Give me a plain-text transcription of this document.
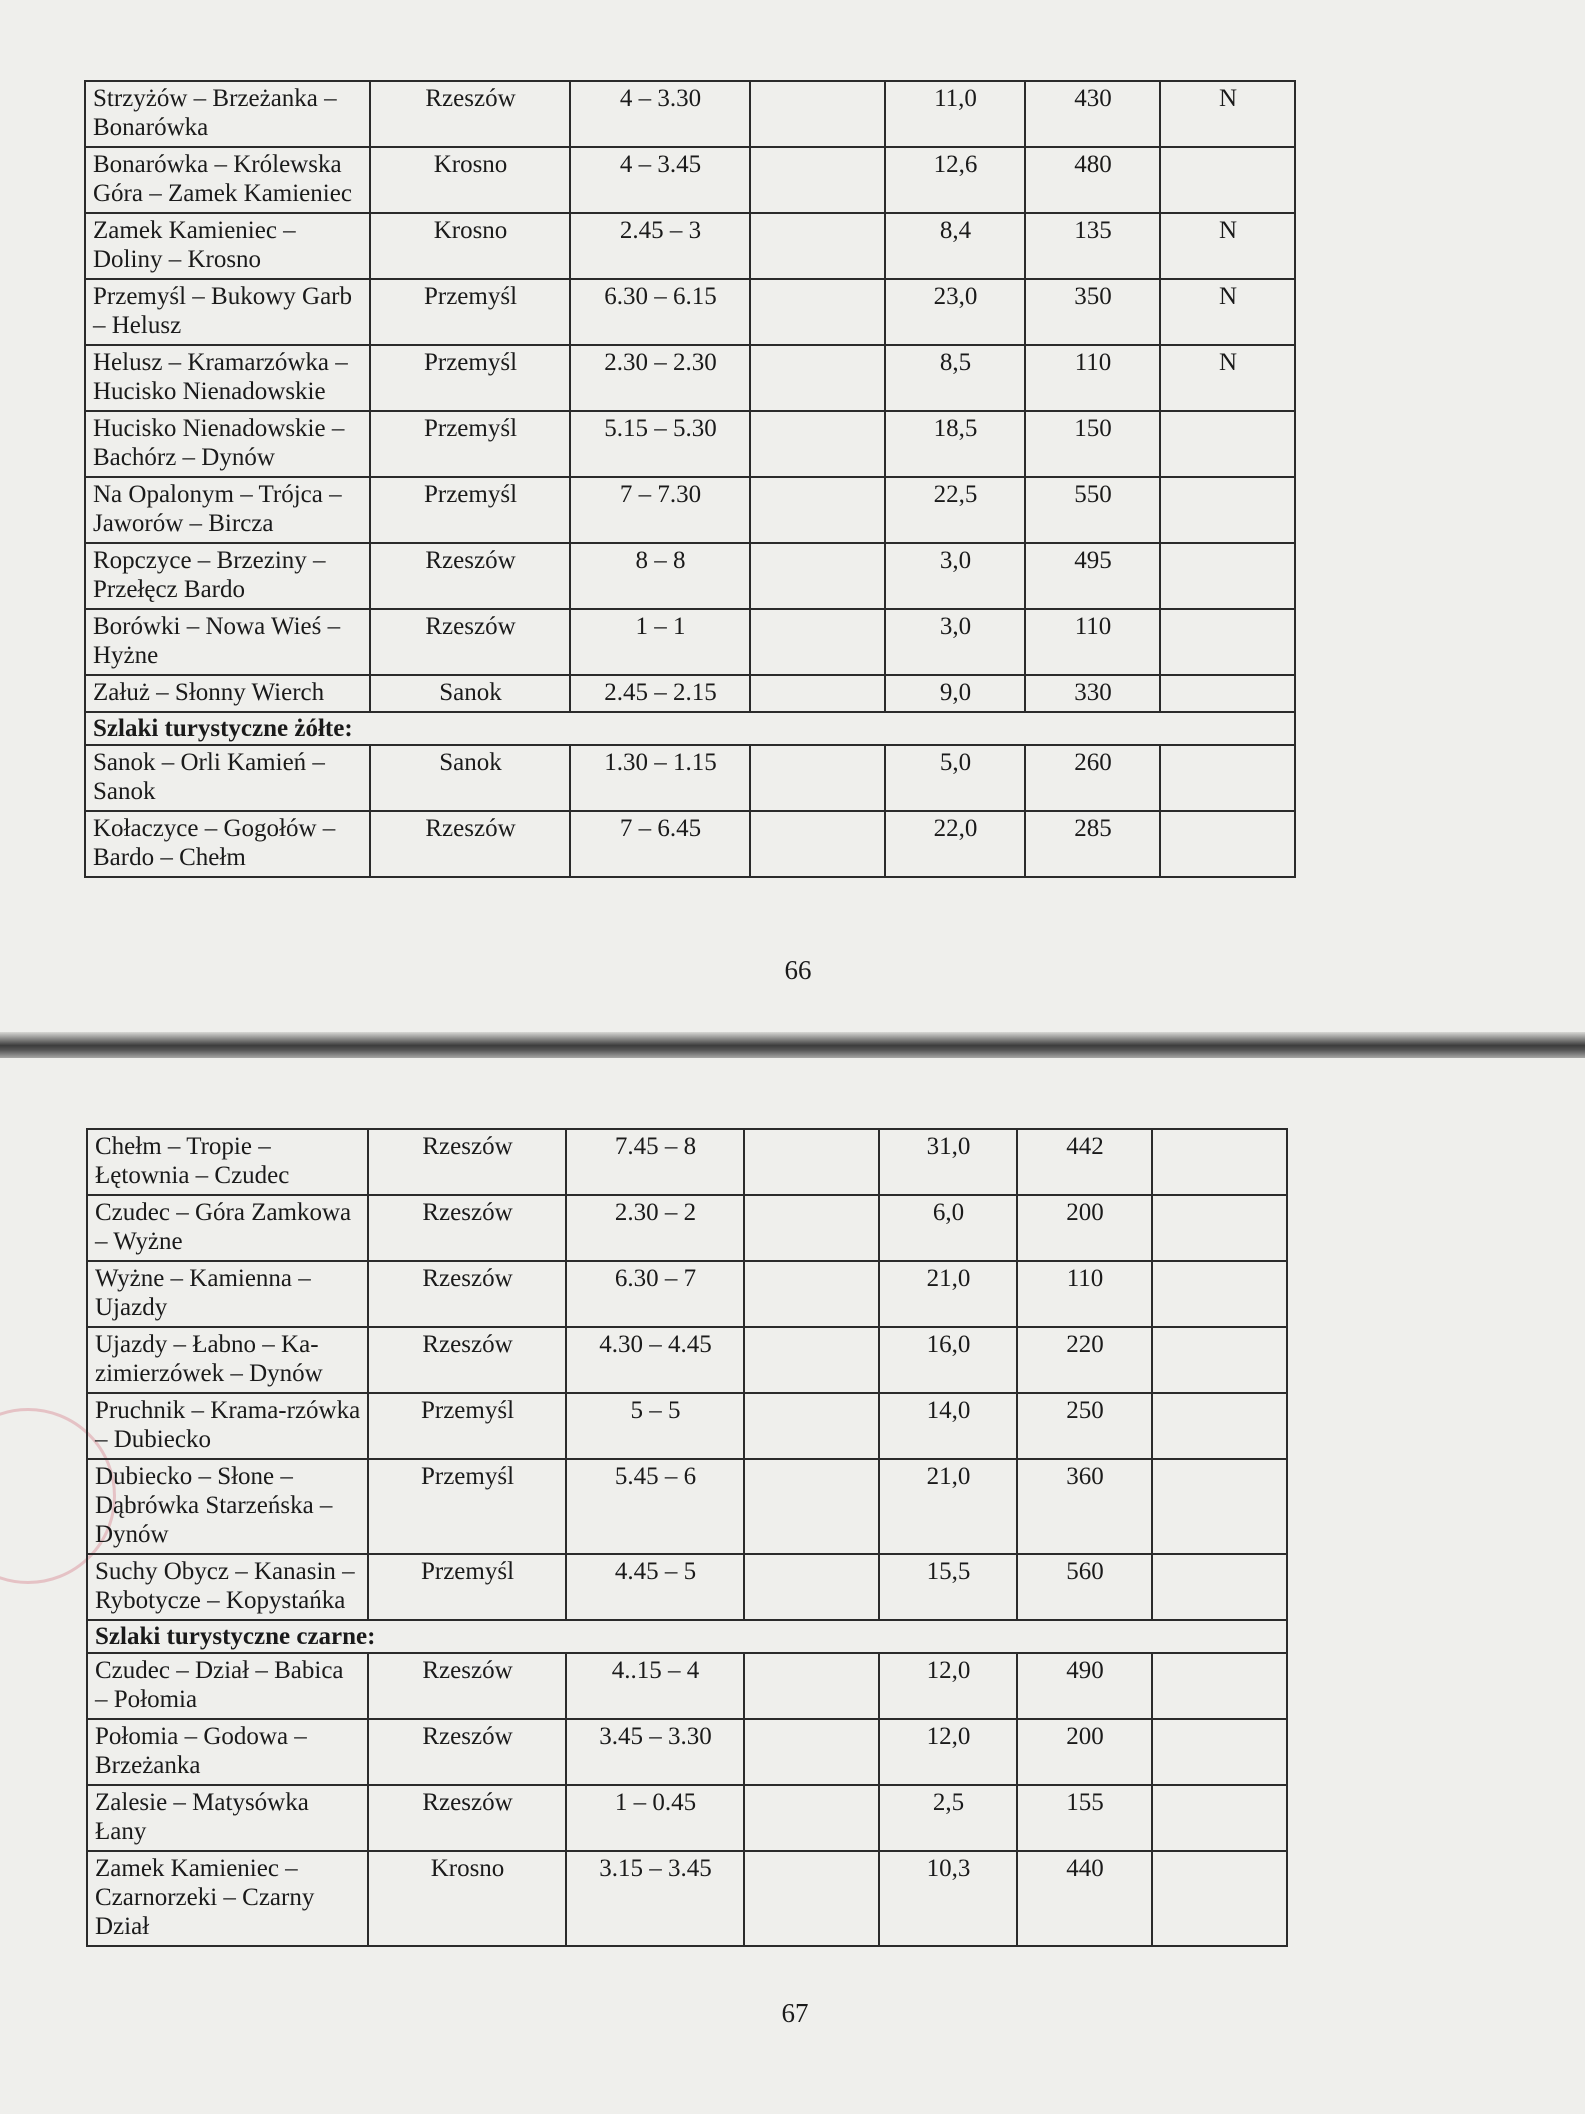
Strzyżów – Brzeżanka – Bonarówka	Rzeszów	4 – 3.30		11,0	430	N
Bonarówka – Królewska Góra – Zamek Kamieniec	Krosno	4 – 3.45		12,6	480	
Zamek Kamieniec – Doliny – Krosno	Krosno	2.45 – 3		8,4	135	N
Przemyśl – Bukowy Garb – Helusz	Przemyśl	6.30 – 6.15		23,0	350	N
Helusz – Kramarzówka – Hucisko Nienadowskie	Przemyśl	2.30 – 2.30		8,5	110	N
Hucisko Nienadowskie – Bachórz – Dynów	Przemyśl	5.15 – 5.30		18,5	150	
Na Opalonym – Trójca – Jaworów – Bircza	Przemyśl	7 – 7.30		22,5	550	
Ropczyce – Brzeziny – Przełęcz Bardo	Rzeszów	8 – 8		3,0	495	
Borówki – Nowa Wieś – Hyżne	Rzeszów	1 – 1		3,0	110	
Załuż – Słonny Wierch	Sanok	2.45 – 2.15		9,0	330	
Szlaki turystyczne żółte:						
Sanok – Orli Kamień – Sanok	Sanok	1.30 – 1.15		5,0	260	
Kołaczyce – Gogołów – Bardo – Chełm	Rzeszów	7 – 6.45		22,0	285	
66
Chełm – Tropie – Łętownia – Czudec	Rzeszów	7.45 – 8		31,0	442	
Czudec – Góra Zamkowa – Wyżne	Rzeszów	2.30 – 2		6,0	200	
Wyżne – Kamienna – Ujazdy	Rzeszów	6.30 – 7		21,0	110	
Ujazdy – Łabno – Ka-zimierzówek – Dynów	Rzeszów	4.30 – 4.45		16,0	220	
Pruchnik – Krama-rzówka – Dubiecko	Przemyśl	5 – 5		14,0	250	
Dubiecko – Słone – Dąbrówka Starzeńska – Dynów	Przemyśl	5.45 – 6		21,0	360	
Suchy Obycz – Kanasin – Rybotycze – Kopystańka	Przemyśl	4.45 – 5		15,5	560	
Szlaki turystyczne czarne:						
Czudec – Dział – Babica – Połomia	Rzeszów	4..15 – 4		12,0	490	
Połomia – Godowa – Brzeżanka	Rzeszów	3.45 – 3.30		12,0	200	
Zalesie – Matysówka Łany	Rzeszów	1 – 0.45		2,5	155	
Zamek Kamieniec – Czarnorzeki – Czarny Dział	Krosno	3.15 – 3.45		10,3	440	
67
